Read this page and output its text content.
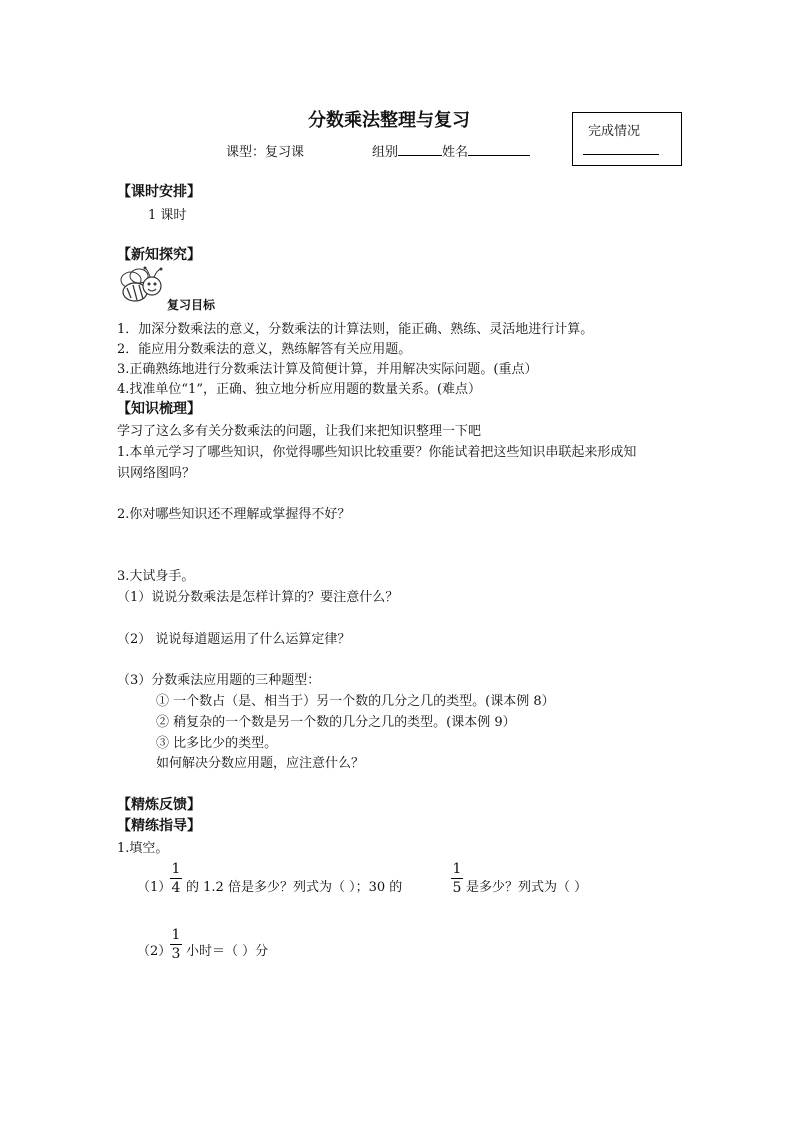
分数乘法整理与复习
课型：复习课	组别	姓名
完成情况
【课时安排】
1 课时
【新知探究】
复习目标
1．加深分数乘法的意义，分数乘法的计算法则，能正确、熟练、灵活地进行计算。
2．能应用分数乘法的意义，熟练解答有关应用题。
3.正确熟练地进行分数乘法计算及简便计算，并用解决实际问题。(重点）
4.找准单位“1”，正确、独立地分析应用题的数量关系。(难点）
【知识梳理】
学习了这么多有关分数乘法的问题，让我们来把知识整理一下吧
1.本单元学习了哪些知识，你觉得哪些知识比较重要？你能试着把这些知识串联起来形成知
识网络图吗？
2.你对哪些知识还不理解或掌握得不好？
3.大试身手。
（1）说说分数乘法是怎样计算的？要注意什么？
（2） 说说每道题运用了什么运算定律？
（3）分数乘法应用题的三种题型：
① 一个数占（是、相当于）另一个数的几分之几的类型。(课本例 8）
② 稍复杂的一个数是另一个数的几分之几的类型。(课本例 9）
③ 比多比少的类型。
如何解决分数应用题，应注意什么？
【精炼反馈】
【精练指导】
1.填空。
（1）
1
4 的 1.2 倍是多少？列式为（ ）；30 的
1
5 是多少？列式为（ ）
（2）
1
3 小时＝（ ）分
